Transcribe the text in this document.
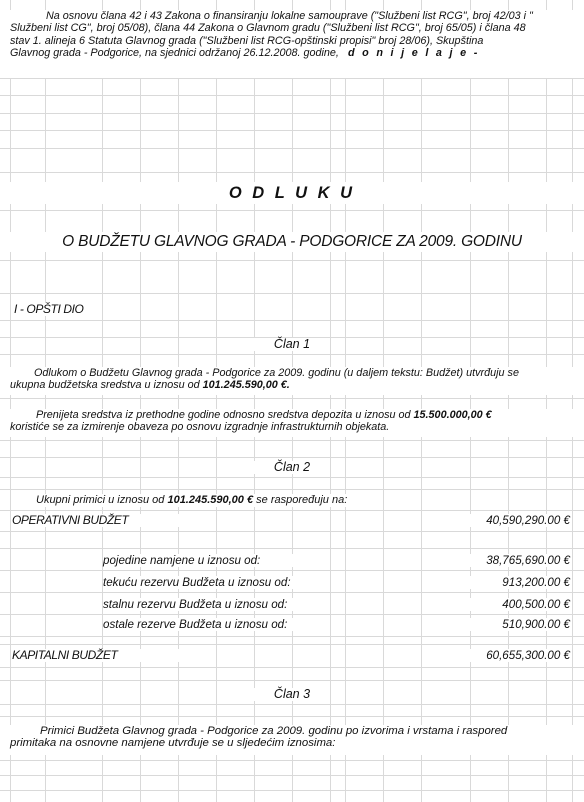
Na osnovu člana 42 i 43 Zakona o finansiranju lokalne samouprave ("Službeni list RCG", broj 42/03 i "
Službeni list CG", broj 05/08), člana 44 Zakona o Glavnom gradu ("Službeni list RCG", broj 65/05) i člana 48
stav 1. alineja 6 Statuta Glavnog grada ("Službeni list RCG-opštinski propisi" broj 28/06), Skupština
Glavnog grada - Podgorice, na sjednici održanoj 26.12.2008. godine, d o n i j e l a j e -
O D L U K U
O BUDŽETU GLAVNOG GRADA - PODGORICE ZA 2009. GODINU
I - OPŠTI DIO
Član 1
Odlukom o Budžetu Glavnog grada - Podgorice za 2009. godinu (u daljem tekstu: Budžet) utvrđuju se
ukupna budžetska sredstva u iznosu od 101.245.590,00 €.
Prenijeta sredstva iz prethodne godine odnosno sredstva depozita u iznosu od 15.500.000,00 €
koristiće se za izmirenje obaveza po osnovu izgradnje infrastrukturnih objekata.
Član 2
Ukupni primici u iznosu od 101.245.590,00 € se raspoređuju na:
OPERATIVNI BUDŽET	40,590,290.00 €
pojedine namjene u iznosu od:	38,765,690.00 €
tekuću rezervu Budžeta u iznosu od:	913,200.00 €
stalnu rezervu Budžeta u iznosu od:	400,500.00 €
ostale rezerve Budžeta u iznosu od:	510,900.00 €
KAPITALNI BUDŽET	60,655,300.00 €
Član 3
Primici Budžeta Glavnog grada - Podgorice za 2009. godinu po izvorima i vrstama i raspored
primitaka na osnovne namjene utvrđuje se u sljedećim iznosima:
